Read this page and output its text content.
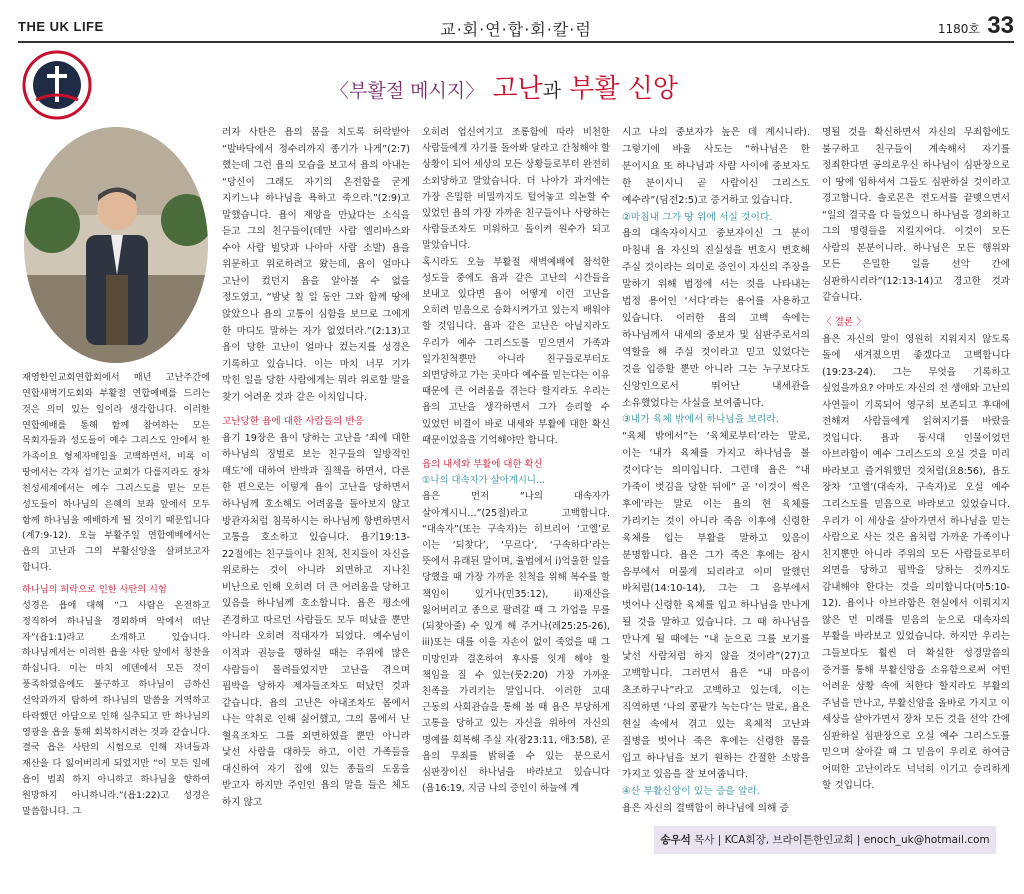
THE UK LIFE	교·회·연·합·회·칼·럼	1180호 33
〈부활절 메시지〉 고난과 부활 신앙

재영한인교회연합회에서 매년 고난주간에 연합새벽기도회와 부활절 연합예배를 드리는 것은 의미 있는 일이라 생각합니다. 이러한 연합예배를 통해 함께 참여하는 모든 목회자들과 성도들이 예수 그리스도 안에서 한 가족이요 형제자매임을 고백하면서, 비록 이 땅에서는 각자 섬기는 교회가 다를지라도 장차 천성세계에서는 예수 그리스도를 믿는 모든 성도들이 하나님의 은혜의 보좌 앞에서 모두 함께 하나님을 예배하게 될 것이기 때문입니다(계7:9-12). 오늘 부활주일 연합예배에서는 욥의 고난과 그의 부활신앙을 살펴보고자 합니다.

하나님의 허락으로 인한 사탄의 시험

성경은 욥에 대해 “그 사람은 온전하고 정직하여 하나님을 경외하며 악에서 떠난 자”(욥1:1)라고 소개하고 있습니다. 하나님께서는 이러한 욥을 사탄 앞에서 칭찬을 하십니다. 이는 마치 에덴에서 모든 것이 풍족하였음에도 불구하고 하나님이 금하신 선악과까지 탐하여 하나님의 말씀을 거역하고 타락했던 아담으로 인해 실추되고 만 하나님의 영광을 욥을 통해 회복하시려는 것과 같습니다. 결국 욥은 사탄의 시험으로 인해 자녀들과 재산을 다 잃어버리게 되었지만 “이 모든 일에 욥이 범죄 하지 아니하고 하나님을 향하여 원망하지 아니하니라.”(욥1:22)고 성경은 말씀합니다. 그

러자 사탄은 욥의 몸을 치도록 허락받아 “발바닥에서 정수리까지 종기가 나게”(2:7) 했는데 그런 욥의 모습을 보고서 욥의 아내는 “당신이 그래도 자기의 온전함을 굳게 지키느냐 하나님을 욕하고 죽으라.”(2:9)고 말했습니다. 욥이 재앙을 만났다는 소식을 듣고 그의 친구들이(데만 사람 엘리바스와 수아 사람 빌닷과 나아마 사람 소발) 욥을 위문하고 위로하려고 왔는데, 욥이 얼마나 고난이 컸던지 욥을 알아볼 수 없을 정도였고, “밤낮 칠 일 동안 그와 함께 땅에 앉았으나 욥의 고통이 심함을 보므로 그에게 한 마디도 말하는 자가 없었더라.”(2:13)고 욥이 당한 고난이 얼마나 컸는지를 성경은 기록하고 있습니다. 이는 마치 너무 기가 막힌 일을 당한 사람에게는 뭐라 위로할 말을 찾기 어려운 것과 같은 이치입니다.

고난당한 욥에 대한 사람들의 반응

욥기 19장은 욥이 당하는 고난을 ‘죄에 대한 하나님의 징벌로 보는 친구들의 일방적인 매도’에 대하여 반박과 질책을 하면서, 다른 한 편으로는 이렇게 욥이 고난을 당하면서 하나님께 호소해도 어려움을 돌아보지 않고 방관자처럼 침묵하시는 하나님께 항변하면서 고통을 호소하고 있습니다. 욥기19:13-22절에는 친구들이나 친척, 친지들이 자신을 위로하는 것이 아니라 외면하고 지나친 비난으로 인해 오히려 더 큰 어려움을 당하고 있음을 하나님께 호소합니다. 욥은 평소에 존경하고 따르던 사람들도 모두 떠났을 뿐만 아니라 오히려 적대자가 되었다. 예수님이 이적과 권능을 행하실 때는 주위에 많은 사람들이 몰려들었지만 고난을 겪으며 핍박을 당하자 제자들조차도 떠났던 것과 같습니다. 욥의 고난은 아내조차도 몸에서 나는 악취로 인해 싫어했고, 그의 몸에서 난 혈육조차도 그를 외면하였을 뿐만 아니라 낯선 사람을 대하듯 하고, 이런 가족들을 대신하여 자기 집에 있는 종들의 도움을 받고자 하지만 주인인 욥의 말을 들은 체도 하지 않고

오히려 업신여기고 조롱함에 따라 비천한 사람들에게 자기를 돌아봐 달라고 간청해야 할 상황이 되어 세상의 모든 상황들로부터 완전히 소외당하고 말았습니다. 더 나아가 과거에는 가장 은밀한 비밀까지도 털어놓고 의논할 수 있었던 욥의 가장 가까운 친구들이나 사랑하는 사람들조차도 미워하고 돌이켜 원수가 되고 말았습니다.

혹시라도 오늘 부활절 새벽예배에 참석한 성도들 중에도 욥과 같은 고난의 시간들을 보내고 있다면 욥이 어떻게 이런 고난을 오히려 믿음으로 승화시켜가고 있는지 배워야 할 것입니다. 욥과 같은 고난은 아닐지라도 우리가 예수 그리스도를 믿으면서 가족과 일가친척뿐만 아니라 친구들로부터도 외면당하고 가는 곳마다 예수를 믿는다는 이유 때문에 큰 어려움을 겪는다 할지라도 우리는 욥의 고난을 생각하면서 그가 승리할 수 있었던 비결이 바로 내세와 부활에 대한 확신 때문이었음을 기억해야만 합니다.

욥의 내세와 부활에 대한 확신

①나의 대속자가 살아계시니...

욥은 먼저 “나의 대속자가 살아계시니…”(25절)라고 고백합니다. “대속자”(또는 구속자)는 히브리어 ‘고엘’로 이는 ‘되찾다’, ‘무르다’, ‘구속하다’라는 뜻에서 유래된 말이며, 율법에서 i)억울한 일을 당했을 때 가장 가까운 친척을 위해 복수를 할 책임이 있거나(민35:12), ii)재산을 잃어버리고 종으로 팔려갈 때 그 가업을 무를(되찾아줄) 수 있게 해 주거나(레25:25-26), iii)또는 대를 이을 자손이 없이 죽었을 때 그 미망인과 결혼하여 후사를 잇게 해야 할 책임을 질 수 있는(룻2:20) 가장 가까운 친족을 가리키는 말입니다. 이러한 고대 근동의 사회관습을 통해 볼 때 욥은 부당하게 고통을 당하고 있는 자신을 위하여 자신의 명예를 회복해 주실 자(잠23:11, 애3:58), 곧 욥의 무죄를 밝혀줄 수 있는 분으로서 심판장이신 하나님을 바라보고 있습니다(욥16:19, 지금 나의 증인이 하늘에 계

시고 나의 중보자가 높은 데 계시니라). 그렇기에 바울 사도는 “하나님은 한 분이시요 또 하나님과 사람 사이에 중보자도 한 분이시니 곧 사람이신 그리스도 예수라”(딤전2:5)고 증거하고 있습니다.

②마침내 그가 땅 위에 서실 것이다.

욥의 대속자이시고 중보자이신 그 분이 마침내 욥 자신의 진실성을 변호시 변호해 주실 것이라는 의미로 증인이 자신의 주장을 말하기 위해 법정에 서는 것을 나타내는 법정 용어인 ‘서다’라는 용어를 사용하고 있습니다. 이러한 욥의 고백 속에는 하나님께서 내세의 중보자 및 심판주로서의 역할을 해 주실 것이라고 믿고 있었다는 것을 입증할 뿐만 아니라 그는 누구보다도 신앙인으로서 뛰어난 내세관을 소유했었다는 사실을 보여줍니다.

③내가 육체 밖에서 하나님을 보리라.

“육체 밖에서”는 ‘육체로부터’라는 말로, 이는 ‘내가 육체를 가지고 하나님을 볼 것이다’는 의미입니다. 그런데 욥은 “내 가죽이 벗김을 당한 뒤에” 곧 ‘이것이 썩은 후에’라는 말로 이는 욥의 현 육체를 가리키는 것이 아니라 죽음 이후에 신령한 육체를 입는 부활을 말하고 있음이 분명합니다. 욥은 그가 죽은 후에는 잠시 음부에서 머물게 되리라고 이미 말했던 바처럼(14:10-14), 그는 그 음부에서 벗어나 신령한 육체를 입고 하나님을 만나게 될 것을 말하고 있습니다. 그 때 하나님을 만나게 될 때에는 “내 눈으로 그를 보기를 낯선 사람처럼 하지 않을 것이라”(27)고 고백합니다. 그러면서 욥은 “내 마음이 초조하구나”라고 고백하고 있는데, 이는 직역하면 ‘나의 콩팥가 녹는다’는 말로, 욥은 현실 속에서 겪고 있는 육체적 고난과 질병을 벗어나 죽은 후에는 신령한 몸을 입고 하나님을 보기 원하는 간절한 소망을 가지고 있음을 잘 보여줍니다.

④산 부활신앙이 있는 증을 알라.

욥은 자신의 결백함이 하나님에 의해 증

명될 것을 확신하면서 자신의 무죄함에도 불구하고 친구들이 계속해서 자기를 정죄한다면 공의로우신 하나님이 심판장으로 이 땅에 임하셔서 그들도 심판하실 것이라고 경고합니다. 솔로몬은 전도서를 끝맺으면서 “일의 결국을 다 들었으니 하나님을 경외하고 그의 명령들을 지킬지어다. 이것이 모든 사람의 본분이니라. 하나님은 모든 행위와 모든 은밀한 일을 선악 간에 심판하시리라”(12:13-14)고 경고한 것과 같습니다.

〈 결론 〉

욥은 자신의 말이 영원히 지워지지 않도록 돌에 새겨졌으면 좋겠다고 고백합니다(19:23-24). 그는 무엇을 기록하고 싶었을까요? 아마도 자신의 전 생애와 고난의 사연들이 기록되어 영구히 보존되고 후대에 전해져 사람들에게 읽혀지기를 바랐을 것입니다. 욥과 동시대 인물이었던 아브라함이 예수 그리스도의 오실 것을 미리 바라보고 즐거워했던 것처럼(요8:56), 욥도 장차 ‘고엘’(대속자, 구속자)로 오실 예수 그리스도를 믿음으로 바라보고 있었습니다. 우리가 이 세상을 살아가면서 하나님을 믿는 사람으로 사는 것은 욥처럼 가까운 가족이나 친지뿐만 아니라 주위의 모든 사람들로부터 외면을 당하고 핍박을 당하는 것까지도 감내해야 한다는 것을 의미합니다(마5:10-12). 욥이나 아브라함은 현실에서 이뤄지지 않은 먼 미래를 믿음의 눈으로 대속자의 부활을 바라보고 있었습니다. 하지만 우리는 그들보다도 훨씬 더 확실한 성경말씀의 증거를 통해 부활신앙을 소유함으로써 어떤 어려운 상황 속에 처한다 할지라도 부활의 주님을 만나고, 부활신앙을 올바로 가지고 이 세상을 살아가면서 장차 모든 것을 선악 간에 심판하실 심판장으로 오실 예수 그리스도를 믿으며 살아갈 때 그 믿음이 우리로 하여금 어떠한 고난이라도 넉넉히 이기고 승리하게 할 것입니다.

송우석 목사 | KCA회장, 브라이튼한인교회 | enoch_uk@hotmail.com
